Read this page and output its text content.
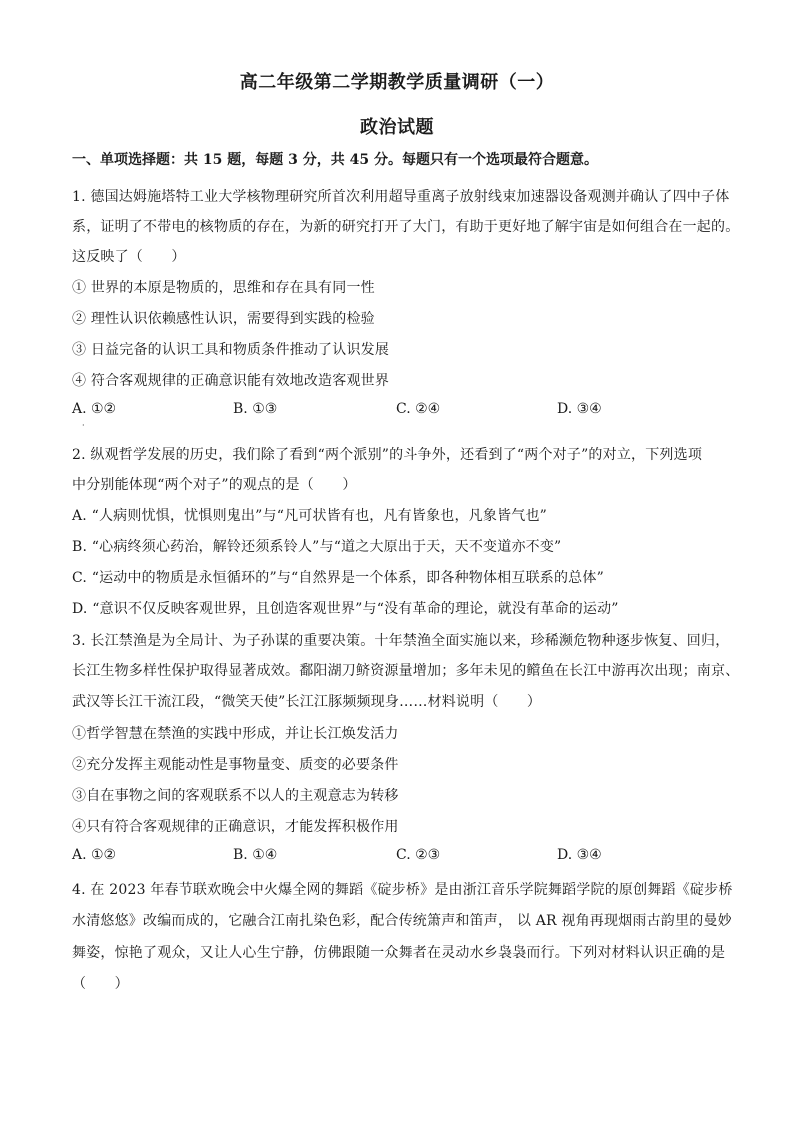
高二年级第二学期教学质量调研（一）
政治试题
一、单项选择题：共 15 题，每题 3 分，共 45 分。每题只有一个选项最符合题意。
1. 德国达姆施塔特工业大学核物理研究所首次利用超导重离子放射线束加速器设备观测并确认了四中子体
系，证明了不带电的核物质的存在，为新的研究打开了大门，有助于更好地了解宇宙是如何组合在一起的。
这反映了（　　）
① 世界的本原是物质的，思维和存在具有同一性
② 理性认识依赖感性认识，需要得到实践的检验
③ 日益完备的认识工具和物质条件推动了认识发展
④ 符合客观规律的正确意识能有效地改造客观世界
A. ①②	B. ①③	C. ②④	D. ③④
·
2. 纵观哲学发展的历史，我们除了看到“两个派别”的斗争外，还看到了“两个对子”的对立，下列选项
中分别能体现“两个对子”的观点的是（　　）
A. “人病则忧惧，忧惧则鬼出”与“凡可状皆有也，凡有皆象也，凡象皆气也”
B. “心病终须心药治，解铃还须系铃人”与“道之大原出于天，天不变道亦不变”
C. “运动中的物质是永恒循环的”与“自然界是一个体系，即各种物体相互联系的总体”
D. “意识不仅反映客观世界，且创造客观世界”与“没有革命的理论，就没有革命的运动”
3. 长江禁渔是为全局计、为子孙谋的重要决策。十年禁渔全面实施以来，珍稀濒危物种逐步恢复、回归，
长江生物多样性保护取得显著成效。鄱阳湖刀鲚资源量增加；多年未见的鳤鱼在长江中游再次出现；南京、
武汉等长江干流江段，“微笑天使”长江江豚频频现身……材料说明（　　）
①哲学智慧在禁渔的实践中形成，并让长江焕发活力
②充分发挥主观能动性是事物量变、质变的必要条件
③自在事物之间的客观联系不以人的主观意志为转移
④只有符合客观规律的正确意识，才能发挥积极作用
A. ①②	B. ①④	C. ②③	D. ③④
4. 在 2023 年春节联欢晚会中火爆全网的舞蹈《碇步桥》是由浙江音乐学院舞蹈学院的原创舞蹈《碇步桥
水清悠悠》改编而成的，它融合江南扎染色彩，配合传统箫声和笛声， 以 AR 视角再现烟雨古韵里的曼妙
舞姿，惊艳了观众，又让人心生宁静，仿佛跟随一众舞者在灵动水乡袅袅而行。下列对材料认识正确的是
（　　）
